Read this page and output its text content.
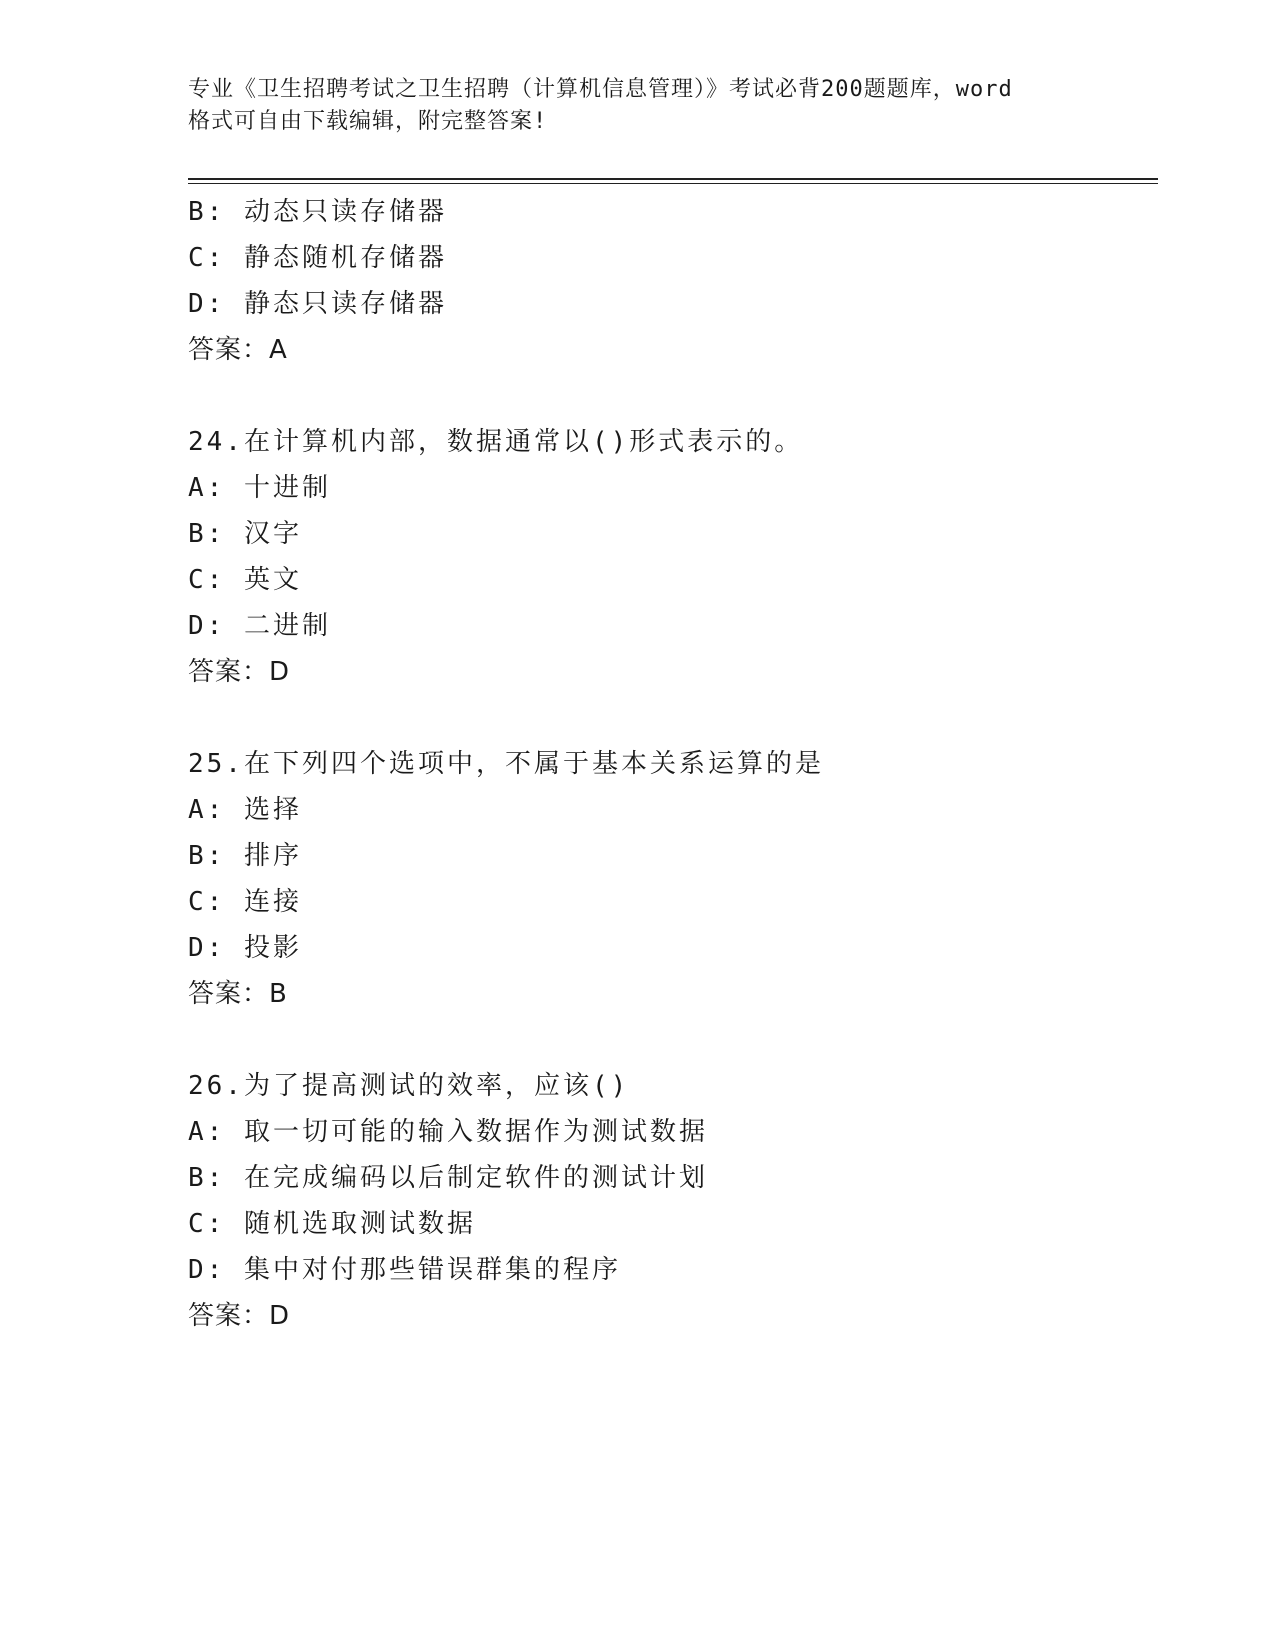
专业《卫生招聘考试之卫生招聘（计算机信息管理）》考试必背200题题库，word
格式可自由下载编辑，附完整答案!
B: 动态只读存储器
C: 静态随机存储器
D: 静态只读存储器
答案：A
24.在计算机内部，数据通常以()形式表示的。
A: 十进制
B: 汉字
C: 英文
D: 二进制
答案：D
25.在下列四个选项中，不属于基本关系运算的是
A: 选择
B: 排序
C: 连接
D: 投影
答案：B
26.为了提高测试的效率，应该()
A: 取一切可能的输入数据作为测试数据
B: 在完成编码以后制定软件的测试计划
C: 随机选取测试数据
D: 集中对付那些错误群集的程序
答案：D
